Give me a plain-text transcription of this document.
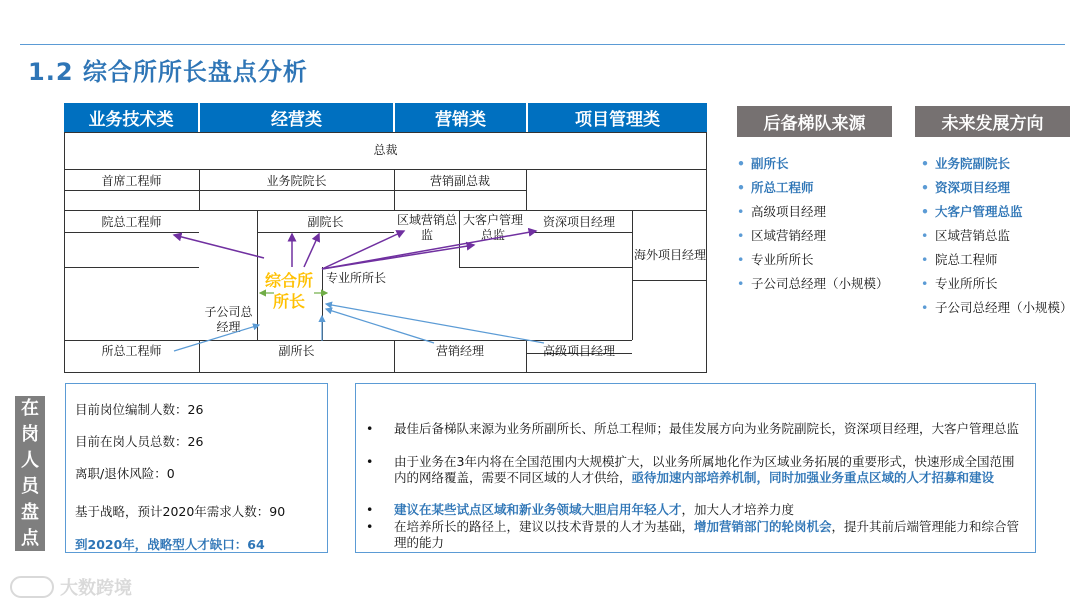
1.2 综合所所长盘点分析
业务技术类	经营类	营销类	项目管理类
总裁
首席工程师	业务院院长	营销副总裁
院总工程师	副院长	区域营销总监
大客户管理总监
资深项目经理
海外项目经理
子公司总经理
综合所所长
专业所所长
所总工程师	副所长	营销经理	高级项目经理
后备梯队来源	未来发展方向
• 副所长
• 所总工程师
• 高级项目经理
• 区域营销经理
• 专业所所长
• 子公司总经理（小规模）
• 业务院副院长
• 资深项目经理
• 大客户管理总监
• 区域营销总监
• 院总工程师
• 专业所所长
• 子公司总经理（小规模）
在
岗
人
员
盘
点
目前岗位编制人数：26
目前在岗人员总数：26
离职/退休风险：0
基于战略，预计2020年需求人数：90
到2020年，战略型人才缺口：64
•	最佳后备梯队来源为业务所副所长、所总工程师；最佳发展方向为业务院副院长，资深项目经理，大客户管理总监
•	由于业务在3年内将在全国范围内大规模扩大，以业务所属地化作为区域业务拓展的重要形式，快速形成全国范围内的网络覆盖，需要不同区域的人才供给，亟待加速内部培养机制，同时加强业务重点区域的人才招募和建设
•	建议在某些试点区域和新业务领域大胆启用年轻人才，加大人才培养力度
•	在培养所长的路径上，建议以技术背景的人才为基础，增加营销部门的轮岗机会，提升其前后端管理能力和综合管理的能力
大数跨境
